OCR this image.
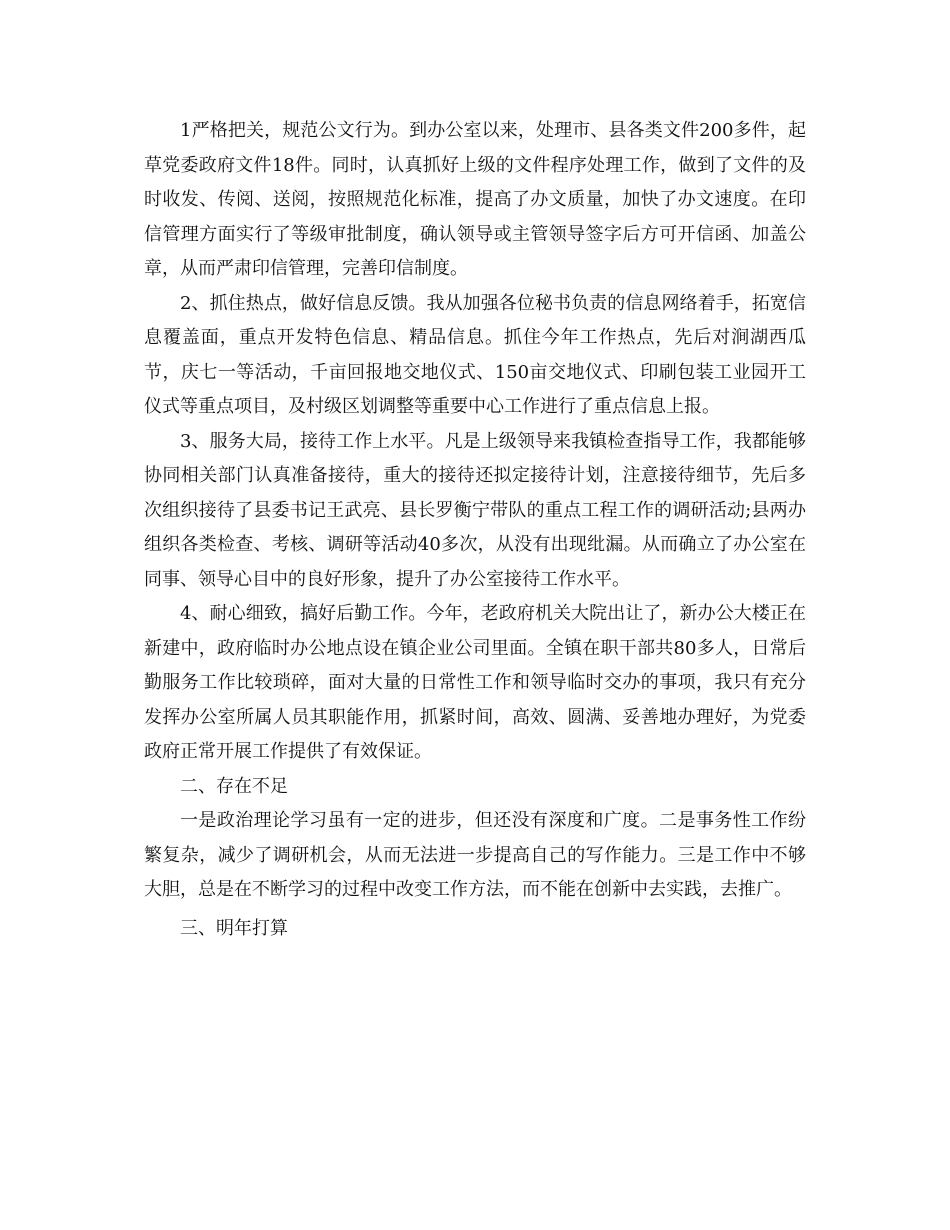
1严格把关，规范公文行为。到办公室以来，处理市、县各类文件200多件，起草党委政府文件18件。同时，认真抓好上级的文件程序处理工作，做到了文件的及时收发、传阅、送阅，按照规范化标准，提高了办文质量，加快了办文速度。在印信管理方面实行了等级审批制度，确认领导或主管领导签字后方可开信函、加盖公章，从而严肃印信管理，完善印信制度。

2、抓住热点，做好信息反馈。我从加强各位秘书负责的信息网络着手，拓宽信息覆盖面，重点开发特色信息、精品信息。抓住今年工作热点，先后对涧湖西瓜节，庆七一等活动，千亩回报地交地仪式、150亩交地仪式、印刷包装工业园开工仪式等重点项目，及村级区划调整等重要中心工作进行了重点信息上报。

3、服务大局，接待工作上水平。凡是上级领导来我镇检查指导工作，我都能够协同相关部门认真准备接待，重大的接待还拟定接待计划，注意接待细节，先后多次组织接待了县委书记王武亮、县长罗衡宁带队的重点工程工作的调研活动;县两办组织各类检查、考核、调研等活动40多次，从没有出现纰漏。从而确立了办公室在同事、领导心目中的良好形象，提升了办公室接待工作水平。

4、耐心细致，搞好后勤工作。今年，老政府机关大院出让了，新办公大楼正在新建中，政府临时办公地点设在镇企业公司里面。全镇在职干部共80多人，日常后勤服务工作比较琐碎，面对大量的日常性工作和领导临时交办的事项，我只有充分发挥办公室所属人员其职能作用，抓紧时间，高效、圆满、妥善地办理好，为党委政府正常开展工作提供了有效保证。

二、存在不足

一是政治理论学习虽有一定的进步，但还没有深度和广度。二是事务性工作纷繁复杂，减少了调研机会，从而无法进一步提高自己的写作能力。三是工作中不够大胆，总是在不断学习的过程中改变工作方法，而不能在创新中去实践，去推广。

三、明年打算
